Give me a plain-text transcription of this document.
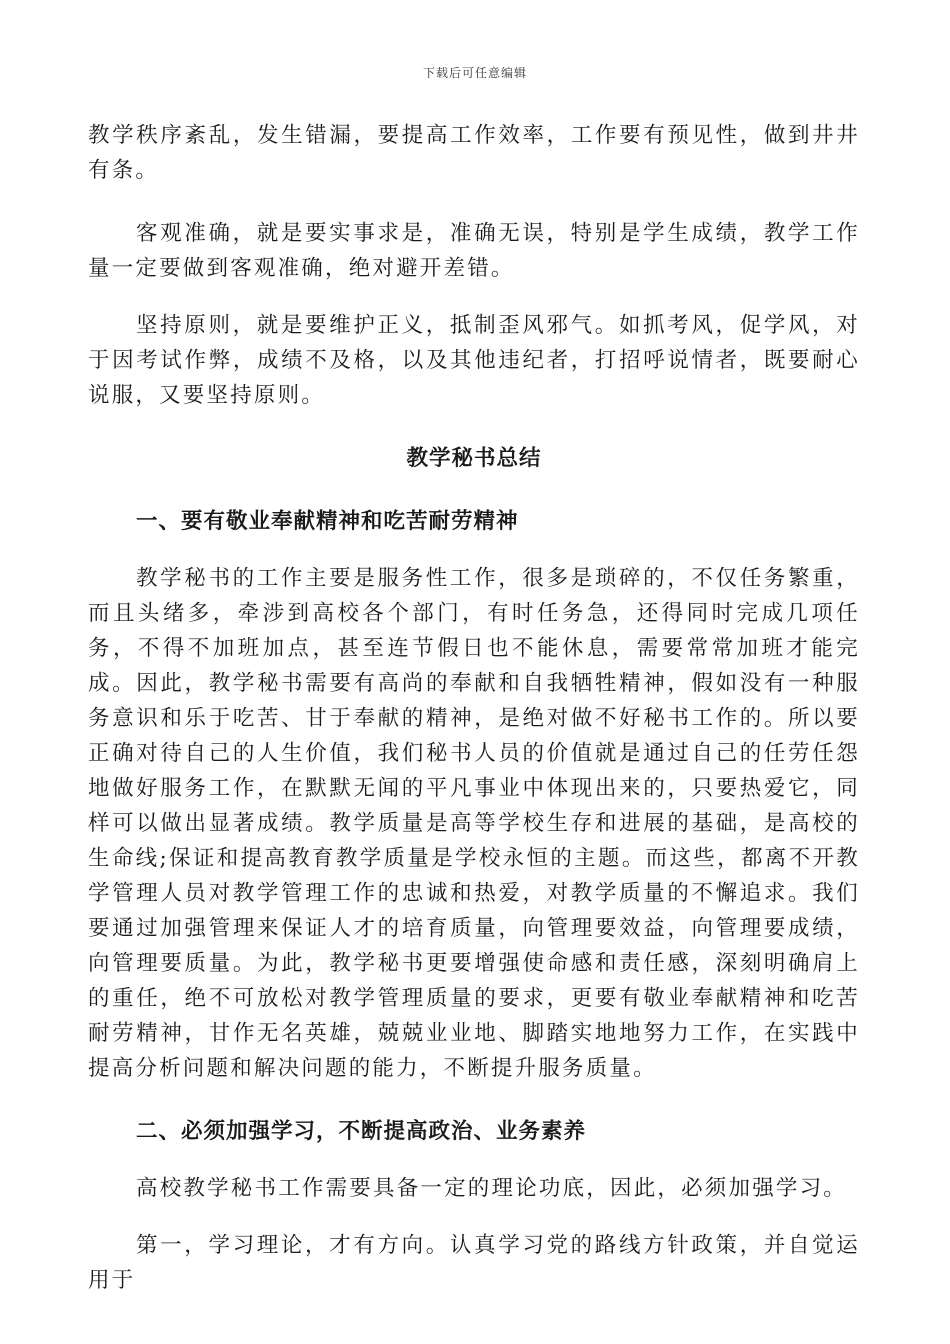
下载后可任意编辑

教学秩序紊乱，发生错漏，要提高工作效率，工作要有预见性，做到井井有条。

客观准确，就是要实事求是，准确无误，特别是学生成绩，教学工作量一定要做到客观准确，绝对避开差错。

坚持原则，就是要维护正义，抵制歪风邪气。如抓考风，促学风，对于因考试作弊，成绩不及格，以及其他违纪者，打招呼说情者，既要耐心说服，又要坚持原则。

教学秘书总结
一、要有敬业奉献精神和吃苦耐劳精神

教学秘书的工作主要是服务性工作，很多是琐碎的，不仅任务繁重，而且头绪多，牵涉到高校各个部门，有时任务急，还得同时完成几项任务，不得不加班加点，甚至连节假日也不能休息，需要常常加班才能完成。因此，教学秘书需要有高尚的奉献和自我牺牲精神，假如没有一种服务意识和乐于吃苦、甘于奉献的精神，是绝对做不好秘书工作的。所以要正确对待自己的人生价值，我们秘书人员的价值就是通过自己的任劳任怨地做好服务工作，在默默无闻的平凡事业中体现出来的，只要热爱它，同样可以做出显著成绩。教学质量是高等学校生存和进展的基础，是高校的生命线;保证和提高教育教学质量是学校永恒的主题。而这些，都离不开教学管理人员对教学管理工作的忠诚和热爱，对教学质量的不懈追求。我们要通过加强管理来保证人才的培育质量，向管理要效益，向管理要成绩，向管理要质量。为此，教学秘书更要增强使命感和责任感，深刻明确肩上的重任，绝不可放松对教学管理质量的要求，更要有敬业奉献精神和吃苦耐劳精神，甘作无名英雄，兢兢业业地、脚踏实地地努力工作，在实践中提高分析问题和解决问题的能力，不断提升服务质量。

二、必须加强学习，不断提高政治、业务素养

高校教学秘书工作需要具备一定的理论功底，因此，必须加强学习。

第一，学习理论，才有方向。认真学习党的路线方针政策，并自觉运用于
